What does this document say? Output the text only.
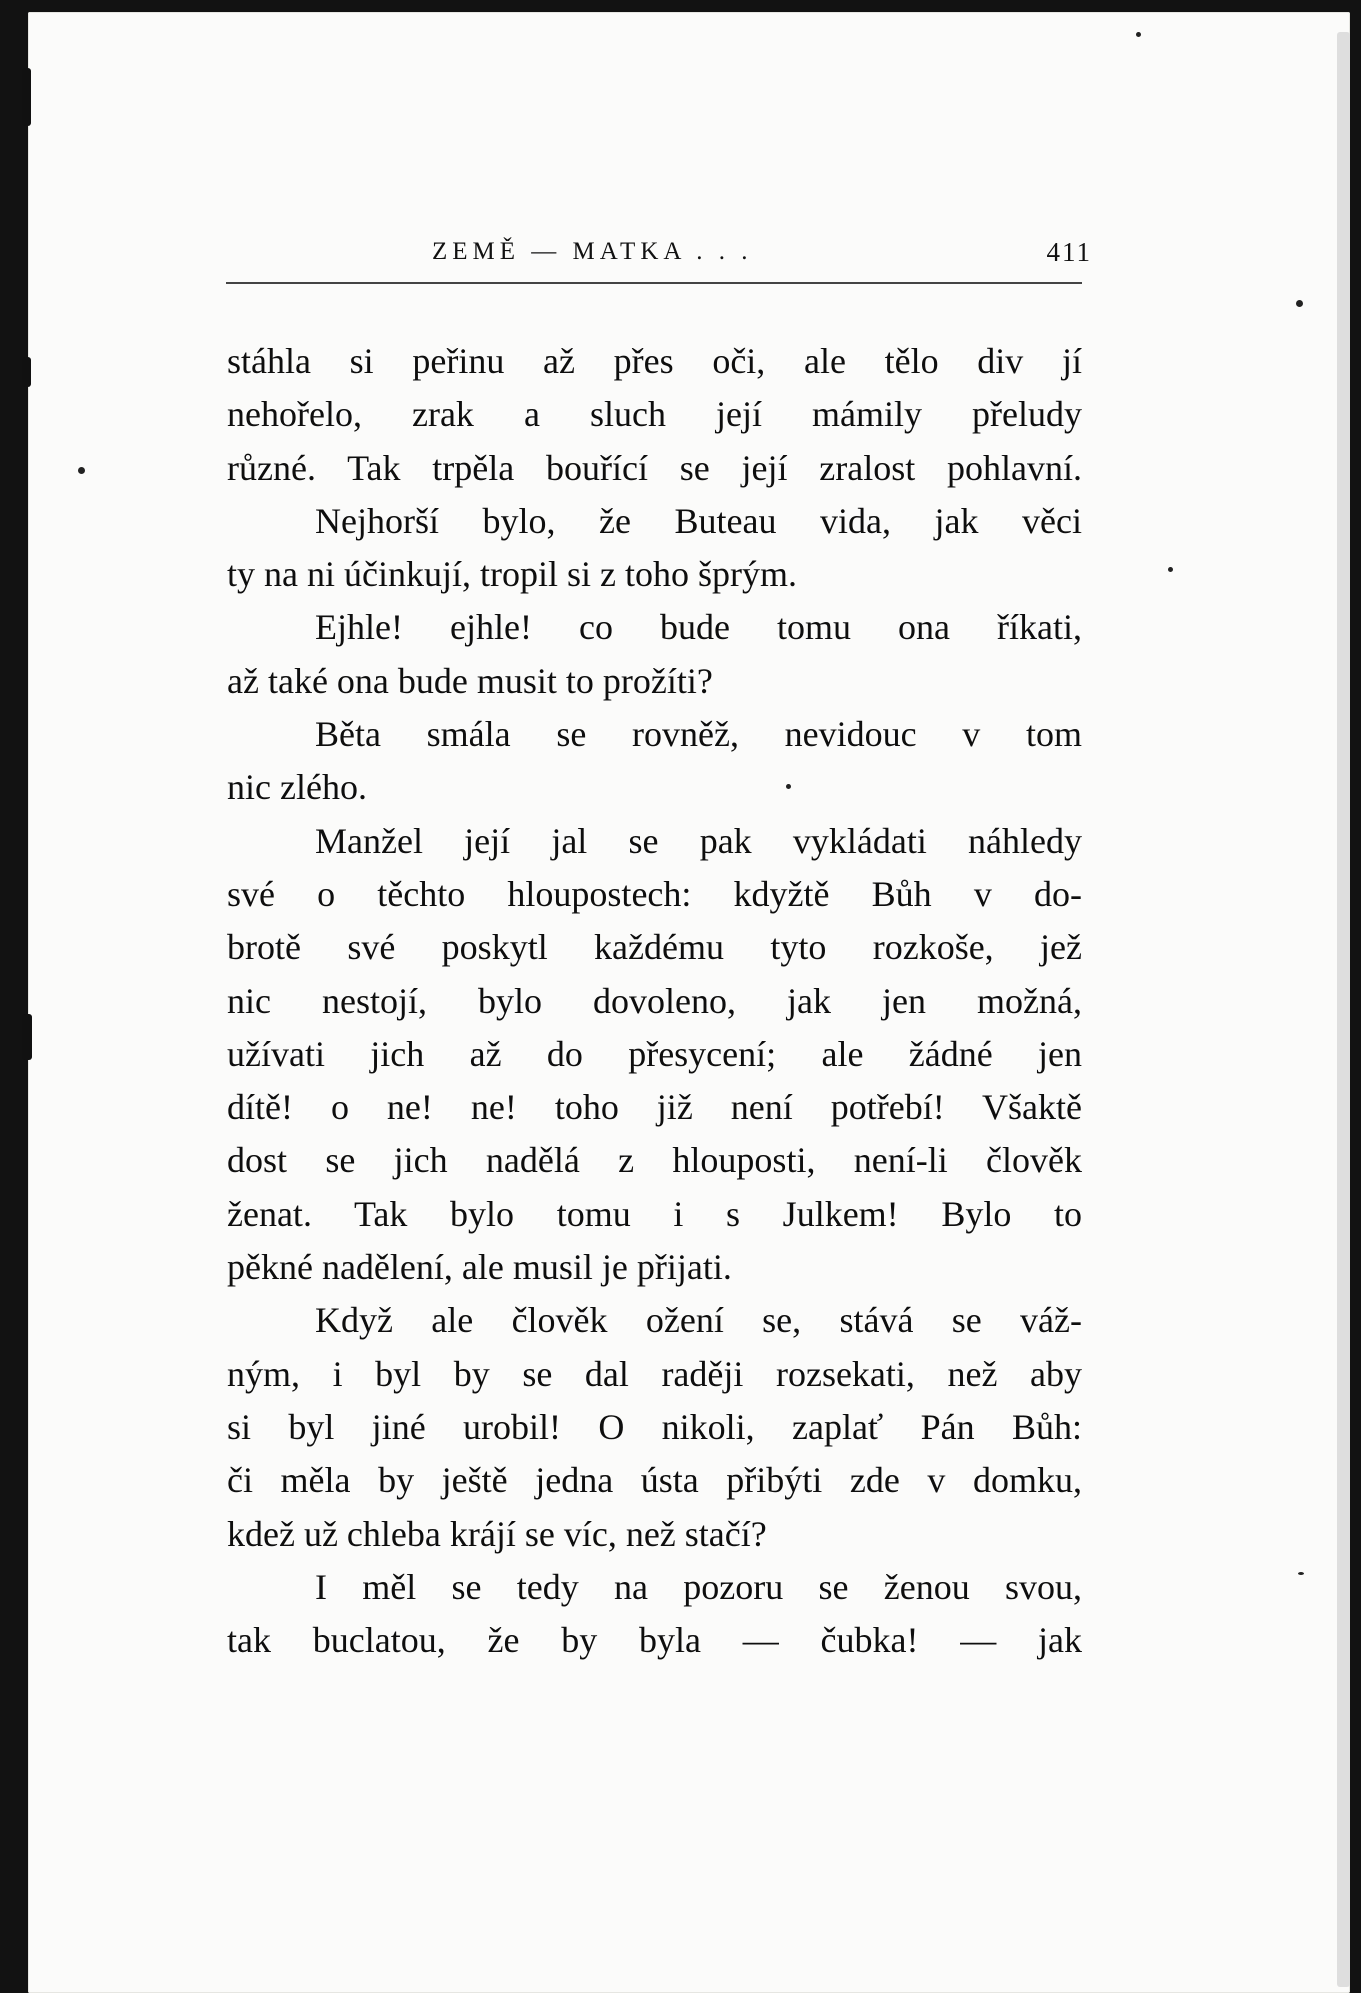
ZEMĚ — MATKA . . .	411
stáhla si peřinu až přes oči, ale tělo div jí
nehořelo, zrak a sluch její mámily přeludy
různé. Tak trpěla bouřící se její zralost pohlavní.
Nejhorší bylo, že Buteau vida, jak věci
ty na ni účinkují, tropil si z toho šprým.
Ejhle! ejhle! co bude tomu ona říkati,
až také ona bude musit to prožíti?
Běta smála se rovněž, nevidouc v tom
nic zlého.
Manžel její jal se pak vykládati náhledy
své o těchto hloupostech: kdyžtě Bůh v do-
brotě své poskytl každému tyto rozkoše, jež
nic nestojí, bylo dovoleno, jak jen možná,
užívati jich až do přesycení; ale žádné jen
dítě! o ne! ne! toho již není potřebí! Všaktě
dost se jich nadělá z hlouposti, není-li člověk
ženat. Tak bylo tomu i s Julkem! Bylo to
pěkné nadělení, ale musil je přijati.
Když ale člověk ožení se, stává se váž-
ným, i byl by se dal raději rozsekati, než aby
si byl jiné urobil! O nikoli, zaplať Pán Bůh:
či měla by ještě jedna ústa přibýti zde v domku,
kdež už chleba krájí se víc, než stačí?
I měl se tedy na pozoru se ženou svou,
tak buclatou, že by byla — čubka! — jak
